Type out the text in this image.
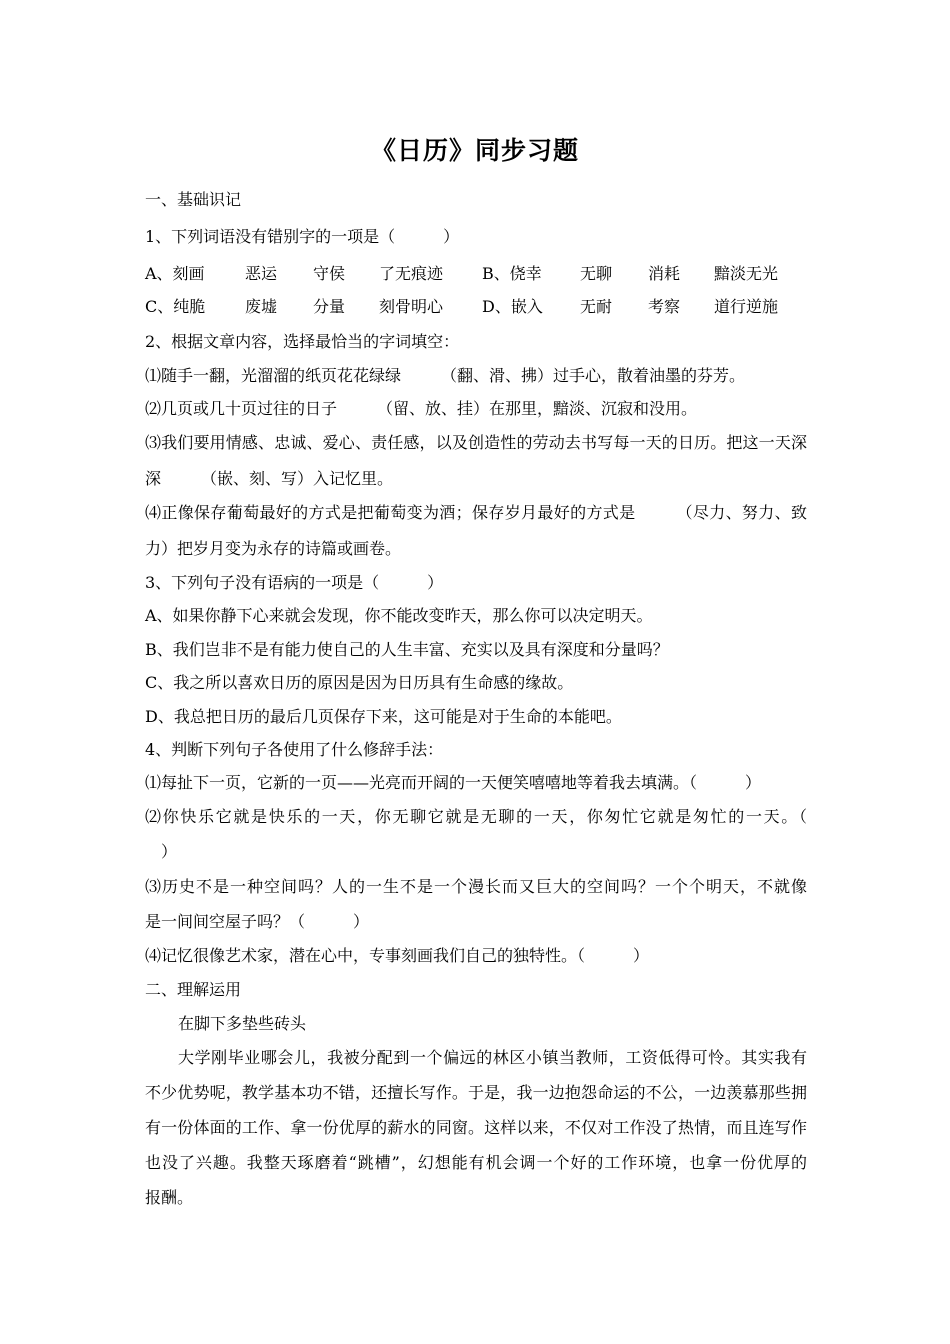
《日历》同步习题
一、基础识记
1、下列词语没有错别字的一项是（　　　）
A、刻画	恶运 守侯 了无痕迹 B、侥幸 无聊 消耗 黯淡无光
C、纯脆 废墟 分量 刻骨明心 D、嵌入 无耐 考察 道行逆施
2、根据文章内容，选择最恰当的字词填空：
⑴随手一翻，光溜溜的纸页花花绿绿　　　（翻、滑、拂）过手心，散着油墨的芬芳。
⑵几页或几十页过往的日子　　　（留、放、挂）在那里，黯淡、沉寂和没用。
⑶我们要用情感、忠诚、爱心、责任感，以及创造性的劳动去书写每一天的日历。把这一天深
深　　　（嵌、刻、写）入记忆里。
⑷正像保存葡萄最好的方式是把葡萄变为酒；保存岁月最好的方式是　　　（尽力、努力、致
力）把岁月变为永存的诗篇或画卷。
3、下列句子没有语病的一项是（　　　）
A、如果你静下心来就会发现，你不能改变昨天，那么你可以决定明天。
B、我们岂非不是有能力使自己的人生丰富、充实以及具有深度和分量吗？
C、我之所以喜欢日历的原因是因为日历具有生命感的缘故。
D、我总把日历的最后几页保存下来，这可能是对于生命的本能吧。
4、判断下列句子各使用了什么修辞手法：
⑴每扯下一页，它新的一页——光亮而开阔的一天便笑嘻嘻地等着我去填满。（　　　）
⑵你快乐它就是快乐的一天，你无聊它就是无聊的一天，你匆忙它就是匆忙的一天。（
　）
⑶历史不是一种空间吗？人的一生不是一个漫长而又巨大的空间吗？一个个明天，不就像
是一间间空屋子吗？（　　　）
⑷记忆很像艺术家，潜在心中，专事刻画我们自己的独特性。（　　　）
二、理解运用
在脚下多垫些砖头
大学刚毕业哪会儿，我被分配到一个偏远的林区小镇当教师，工资低得可怜。其实我有
不少优势呢，教学基本功不错，还擅长写作。于是，我一边抱怨命运的不公，一边羡慕那些拥
有一份体面的工作、拿一份优厚的薪水的同窗。这样以来，不仅对工作没了热情，而且连写作
也没了兴趣。我整天琢磨着“跳槽”，幻想能有机会调一个好的工作环境，也拿一份优厚的
报酬。
